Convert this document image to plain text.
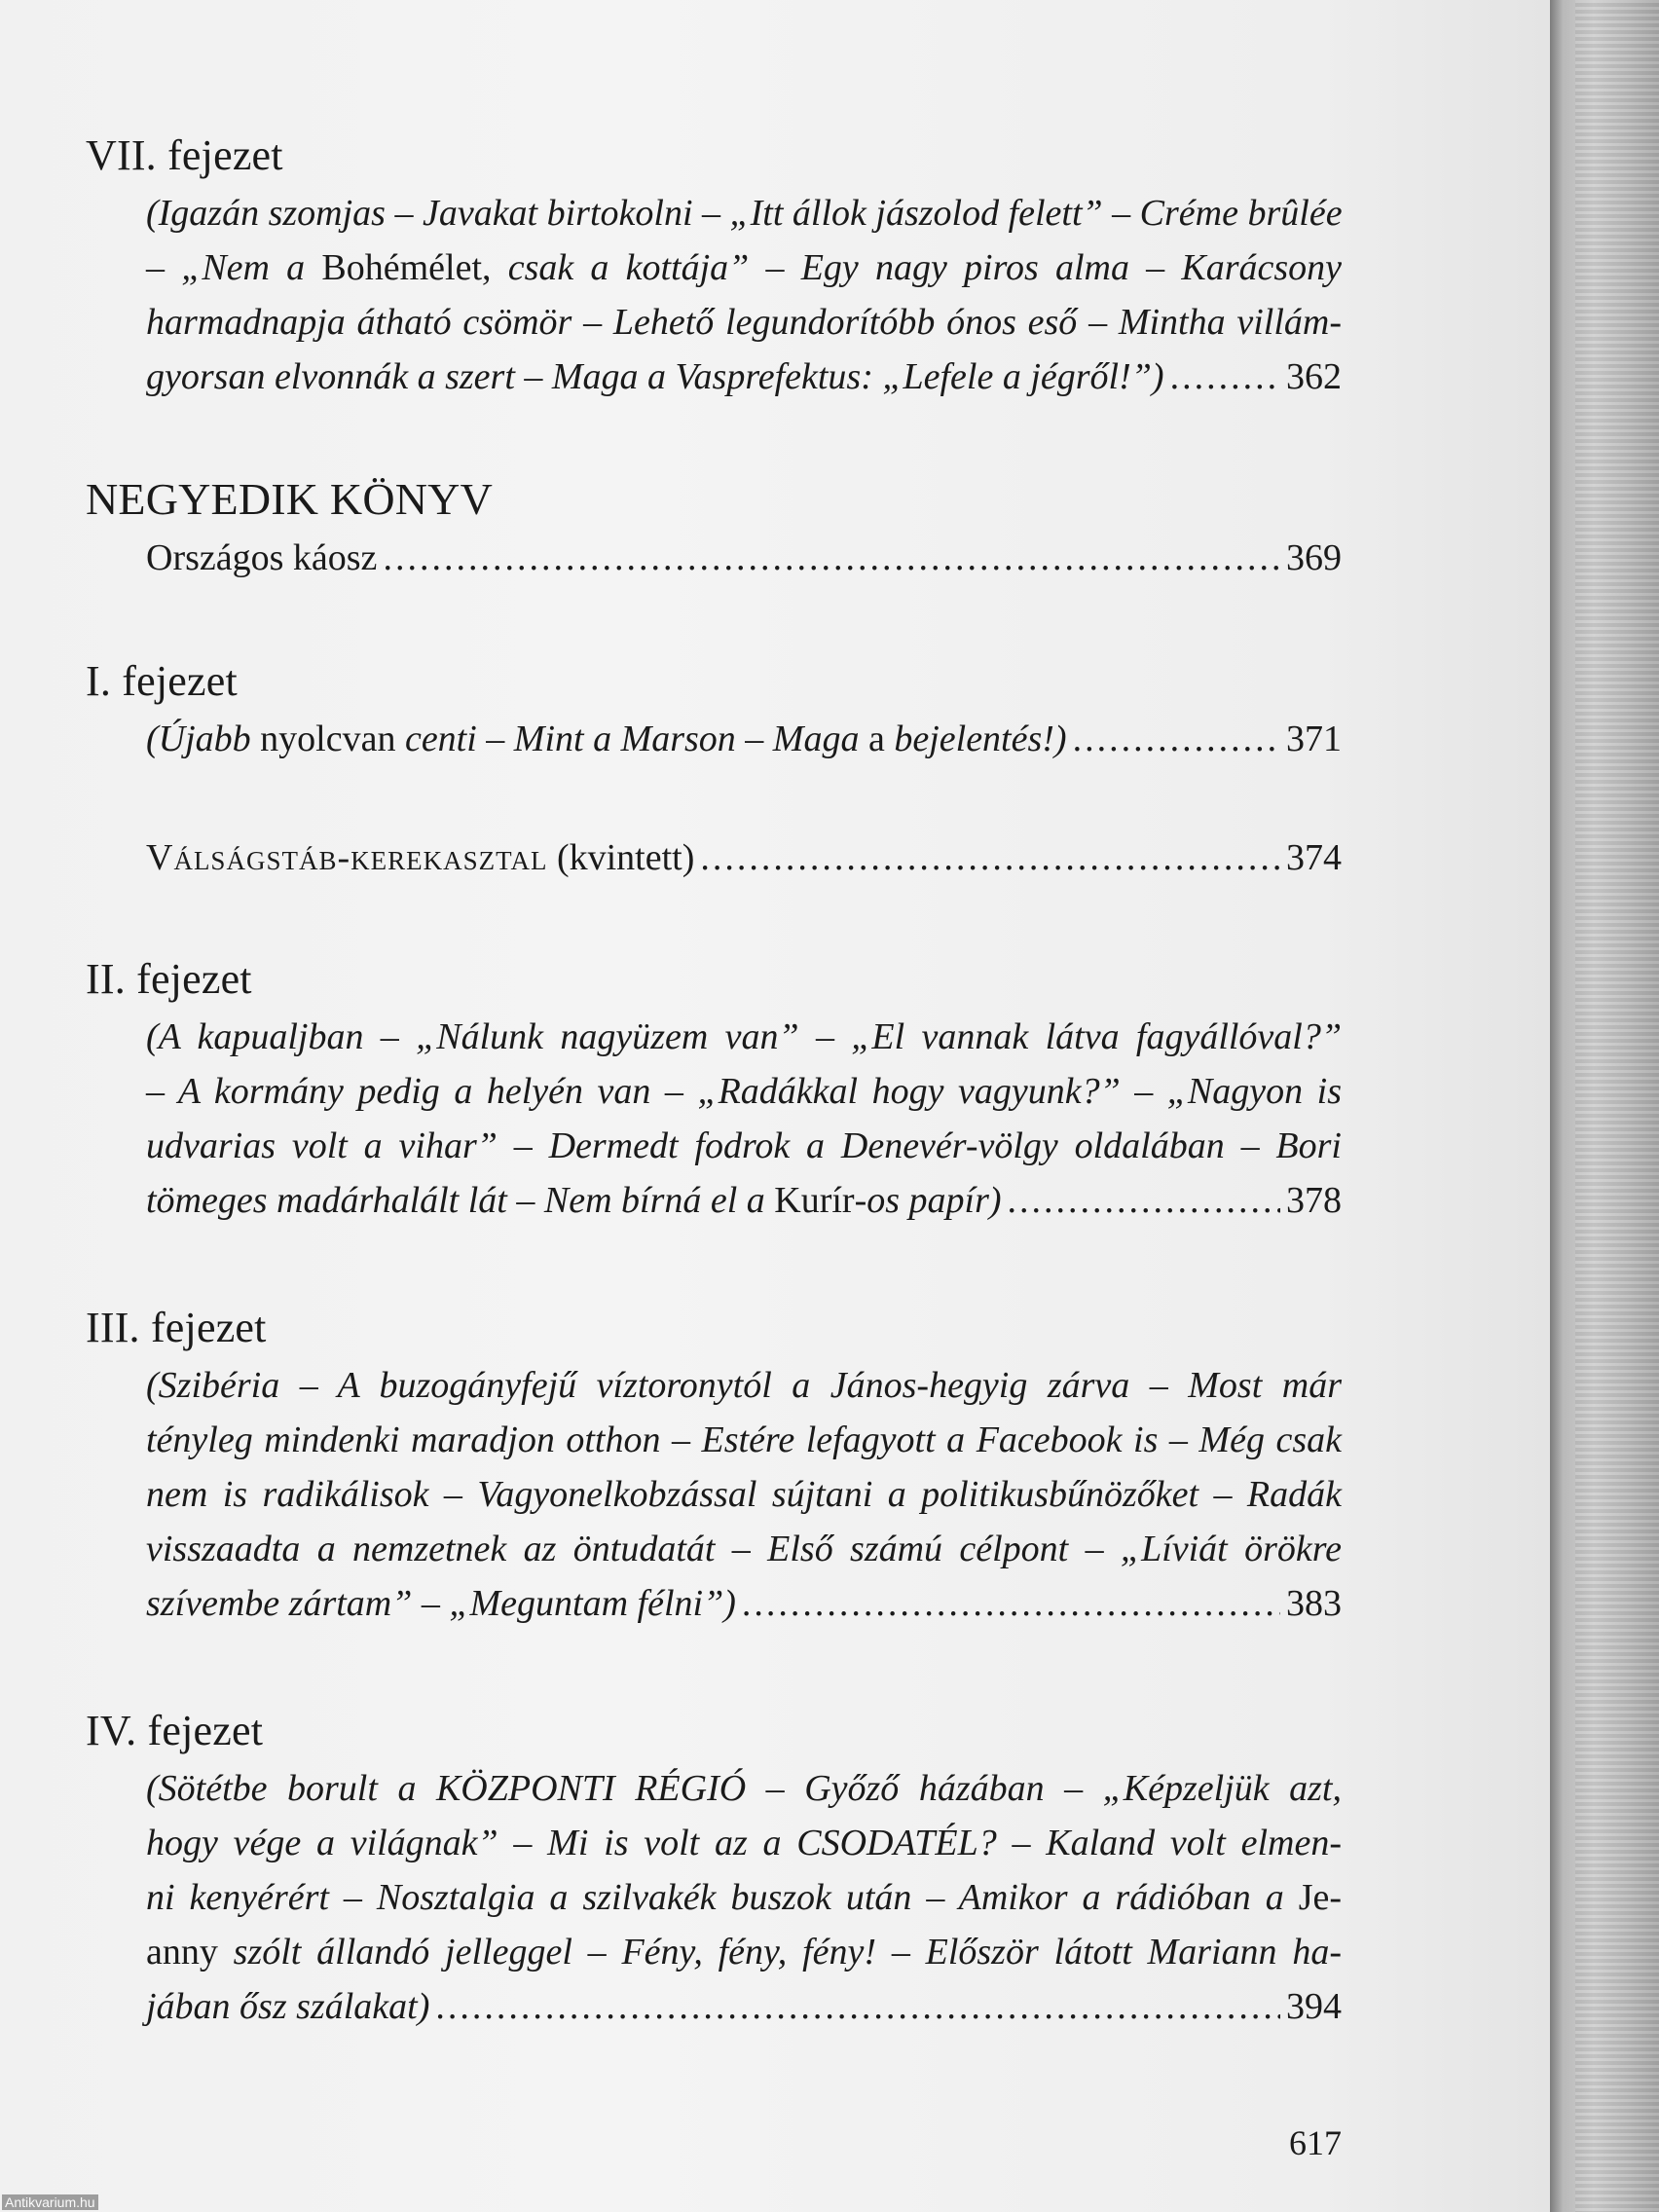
VII. fejezet
(Igazán szomjas – Javakat birtokolni – „Itt állok jászolod felett” – Créme brûlée
– „Nem a Bohémélet, csak a kottája” – Egy nagy piros alma – Karácsony
harmadnapja átható csömör – Lehető legundorítóbb ónos eső – Mintha villám-
gyorsan elvonnák a szert – Maga a Vasprefektus: „Lefele a jégről!”) .....	362
NEGYEDIK KÖNYV
Országos káosz .....	369
I. fejezet
(Újabb nyolcvan centi – Mint a Marson – Maga a bejelentés!) .....	371
Válságstáb-kerekasztal (kvintett) .....	374
II. fejezet
(A kapualjban – „Nálunk nagyüzem van” – „El vannak látva fagyállóval?”
– A kormány pedig a helyén van – „Radákkal hogy vagyunk?” – „Nagyon is
udvarias volt a vihar” – Dermedt fodrok a Denevér-völgy oldalában – Bori
tömeges madárhalált lát – Nem bírná el a Kurír-os papír) .....	378
III. fejezet
(Szibéria – A buzogányfejű víztoronytól a János-hegyig zárva – Most már
tényleg mindenki maradjon otthon – Estére lefagyott a Facebook is – Még csak
nem is radikálisok – Vagyonelkobzással sújtani a politikusbűnözőket – Radák
visszaadta a nemzetnek az öntudatát – Első számú célpont – „Líviát örökre
szívembe zártam” – „Meguntam félni”) .....	383
IV. fejezet
(Sötétbe borult a KÖZPONTI RÉGIÓ – Győző házában – „Képzeljük azt,
hogy vége a világnak” – Mi is volt az a CSODATÉL? – Kaland volt elmen-
ni kenyérért – Nosztalgia a szilvakék buszok után – Amikor a rádióban a Je-
anny szólt állandó jelleggel – Fény, fény, fény! – Először látott Mariann ha-
jában ősz szálakat) .....	394
617
Antikvarium.hu
